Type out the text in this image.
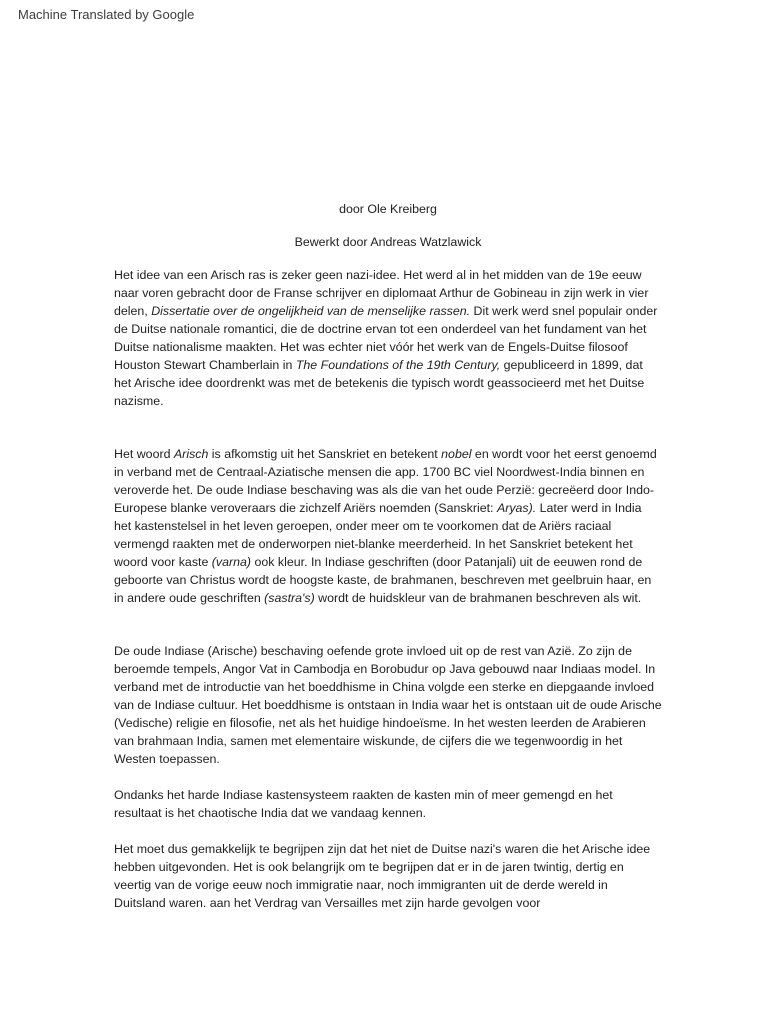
Machine Translated by Google

door Ole Kreiberg

Bewerkt door Andreas Watzlawick

Het idee van een Arisch ras is zeker geen nazi-idee. Het werd al in het midden van de 19e eeuw naar voren gebracht door de Franse schrijver en diplomaat Arthur de Gobineau in zijn werk in vier delen, Dissertatie over de ongelijkheid van de menselijke rassen. Dit werk werd snel populair onder de Duitse nationale romantici, die de doctrine ervan tot een onderdeel van het fundament van het Duitse nationalisme maakten. Het was echter niet vóór het werk van de Engels-Duitse filosoof Houston Stewart Chamberlain in The Foundations of the 19th Century, gepubliceerd in 1899, dat het Arische idee doordrenkt was met de betekenis die typisch wordt geassocieerd met het Duitse nazisme.

Het woord Arisch is afkomstig uit het Sanskriet en betekent nobel en wordt voor het eerst genoemd in verband met de Centraal-Aziatische mensen die app. 1700 BC viel Noordwest-India binnen en veroverde het. De oude Indiase beschaving was als die van het oude Perzië: gecreëerd door Indo-Europese blanke veroveraars die zichzelf Ariërs noemden (Sanskriet: Aryas). Later werd in India het kastenstelsel in het leven geroepen, onder meer om te voorkomen dat de Ariërs raciaal vermengd raakten met de onderworpen niet-blanke meerderheid. In het Sanskriet betekent het woord voor kaste (varna) ook kleur. In Indiase geschriften (door Patanjali) uit de eeuwen rond de geboorte van Christus wordt de hoogste kaste, de brahmanen, beschreven met geelbruin haar, en in andere oude geschriften (sastra's) wordt de huidskleur van de brahmanen beschreven als wit.

De oude Indiase (Arische) beschaving oefende grote invloed uit op de rest van Azië. Zo zijn de beroemde tempels, Angor Vat in Cambodja en Borobudur op Java gebouwd naar Indiaas model. In verband met de introductie van het boeddhisme in China volgde een sterke en diepgaande invloed van de Indiase cultuur. Het boeddhisme is ontstaan in India waar het is ontstaan uit de oude Arische (Vedische) religie en filosofie, net als het huidige hindoeïsme. In het westen leerden de Arabieren van brahmaan India, samen met elementaire wiskunde, de cijfers die we tegenwoordig in het Westen toepassen.

Ondanks het harde Indiase kastensysteem raakten de kasten min of meer gemengd en het resultaat is het chaotische India dat we vandaag kennen.

Het moet dus gemakkelijk te begrijpen zijn dat het niet de Duitse nazi's waren die het Arische idee hebben uitgevonden. Het is ook belangrijk om te begrijpen dat er in de jaren twintig, dertig en veertig van de vorige eeuw noch immigratie naar, noch immigranten uit de derde wereld in Duitsland waren. aan het Verdrag van Versailles met zijn harde gevolgen voor
